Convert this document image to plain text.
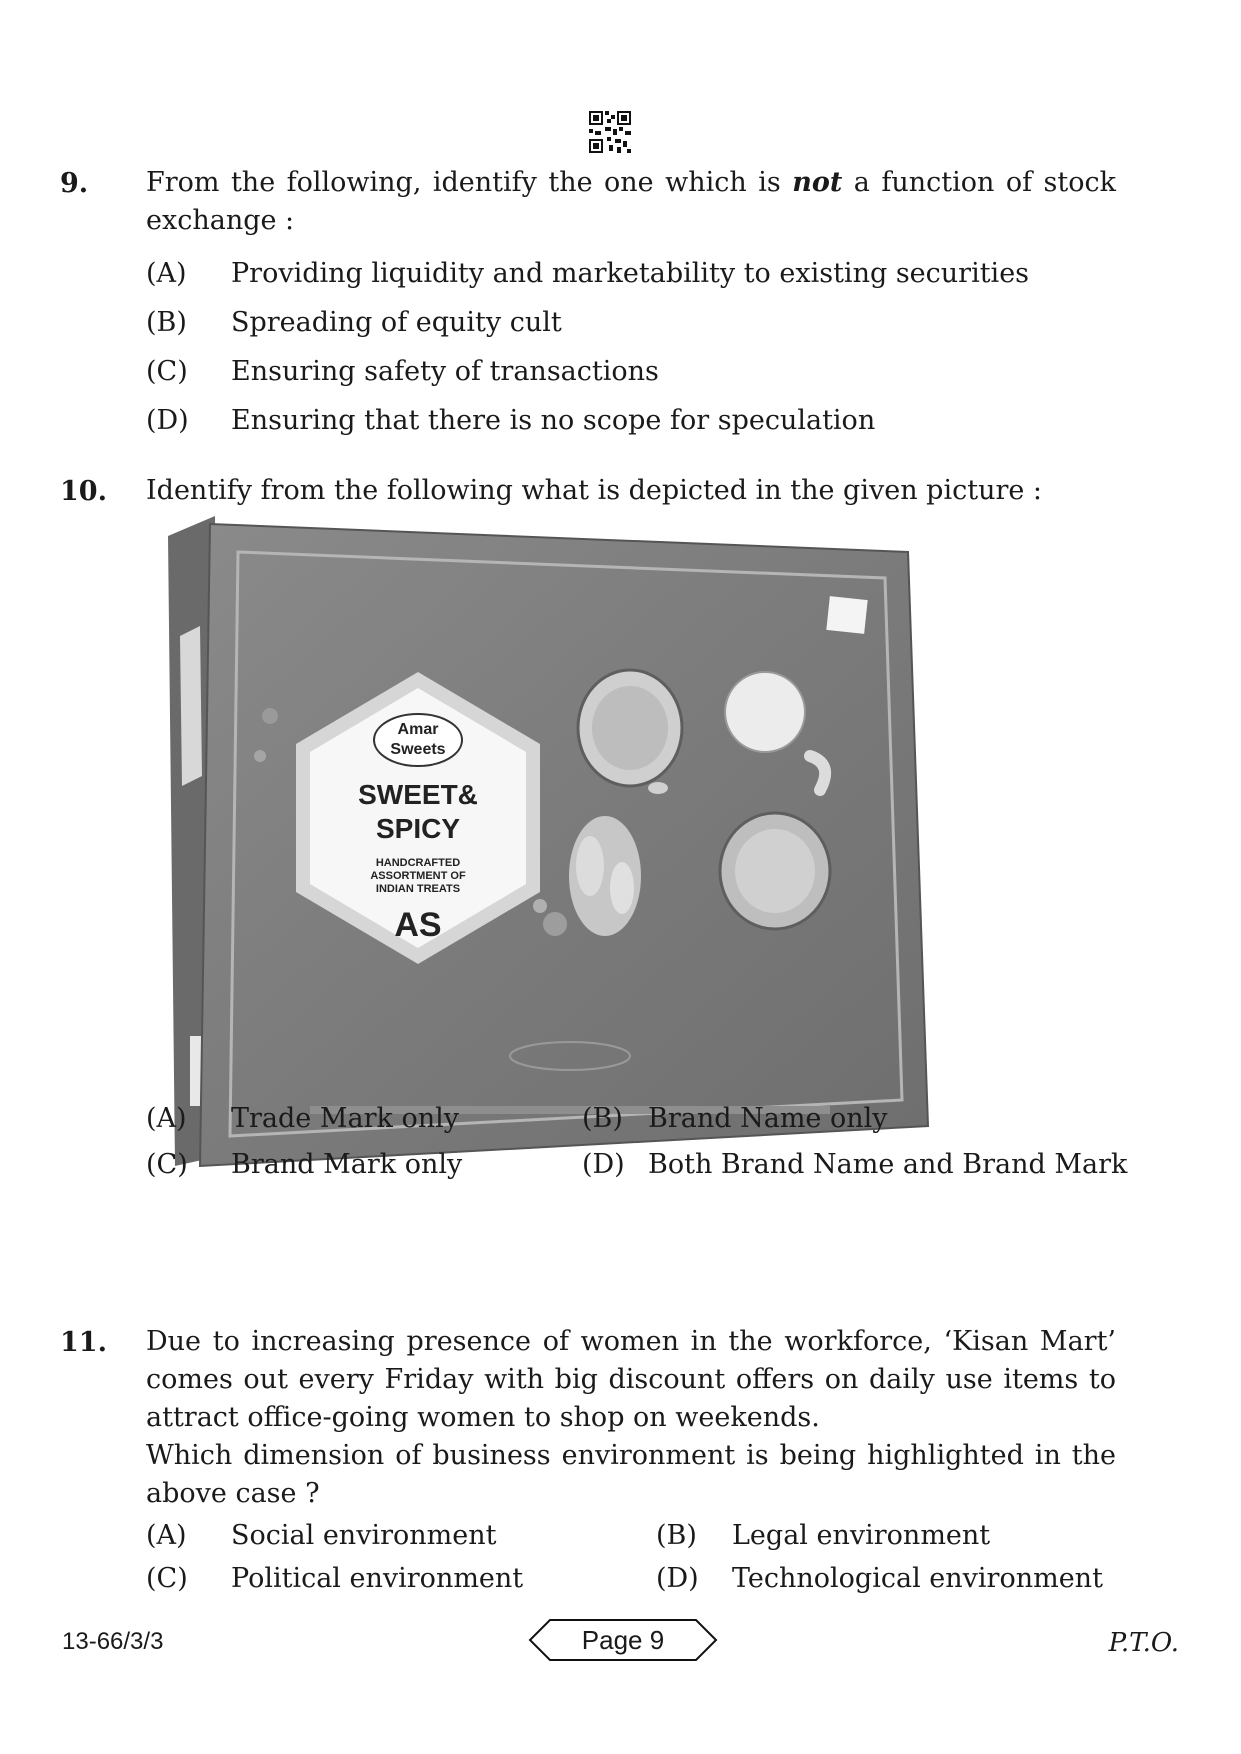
9. From the following, identify the one which is not a function of stock exchange :
(A) Providing liquidity and marketability to existing securities
(B) Spreading of equity cult
(C) Ensuring safety of transactions
(D) Ensuring that there is no scope for speculation
10. Identify from the following what is depicted in the given picture :
Amar
Sweets
SWEET&
SPICY
HANDCRAFTED
ASSORTMENT OF
INDIAN TREATS
AS
(A) Trade Mark only	(B) Brand Name only
(C) Brand Mark only	(D) Both Brand Name and Brand Mark
11. Due to increasing presence of women in the workforce, ‘Kisan Mart’ comes out every Friday with big discount offers on daily use items to attract office-going women to shop on weekends.
Which dimension of business environment is being highlighted in the above case ?
(A) Social environment	(B) Legal environment
(C) Political environment	(D) Technological environment
13-66/3/3	Page 9	P.T.O.
